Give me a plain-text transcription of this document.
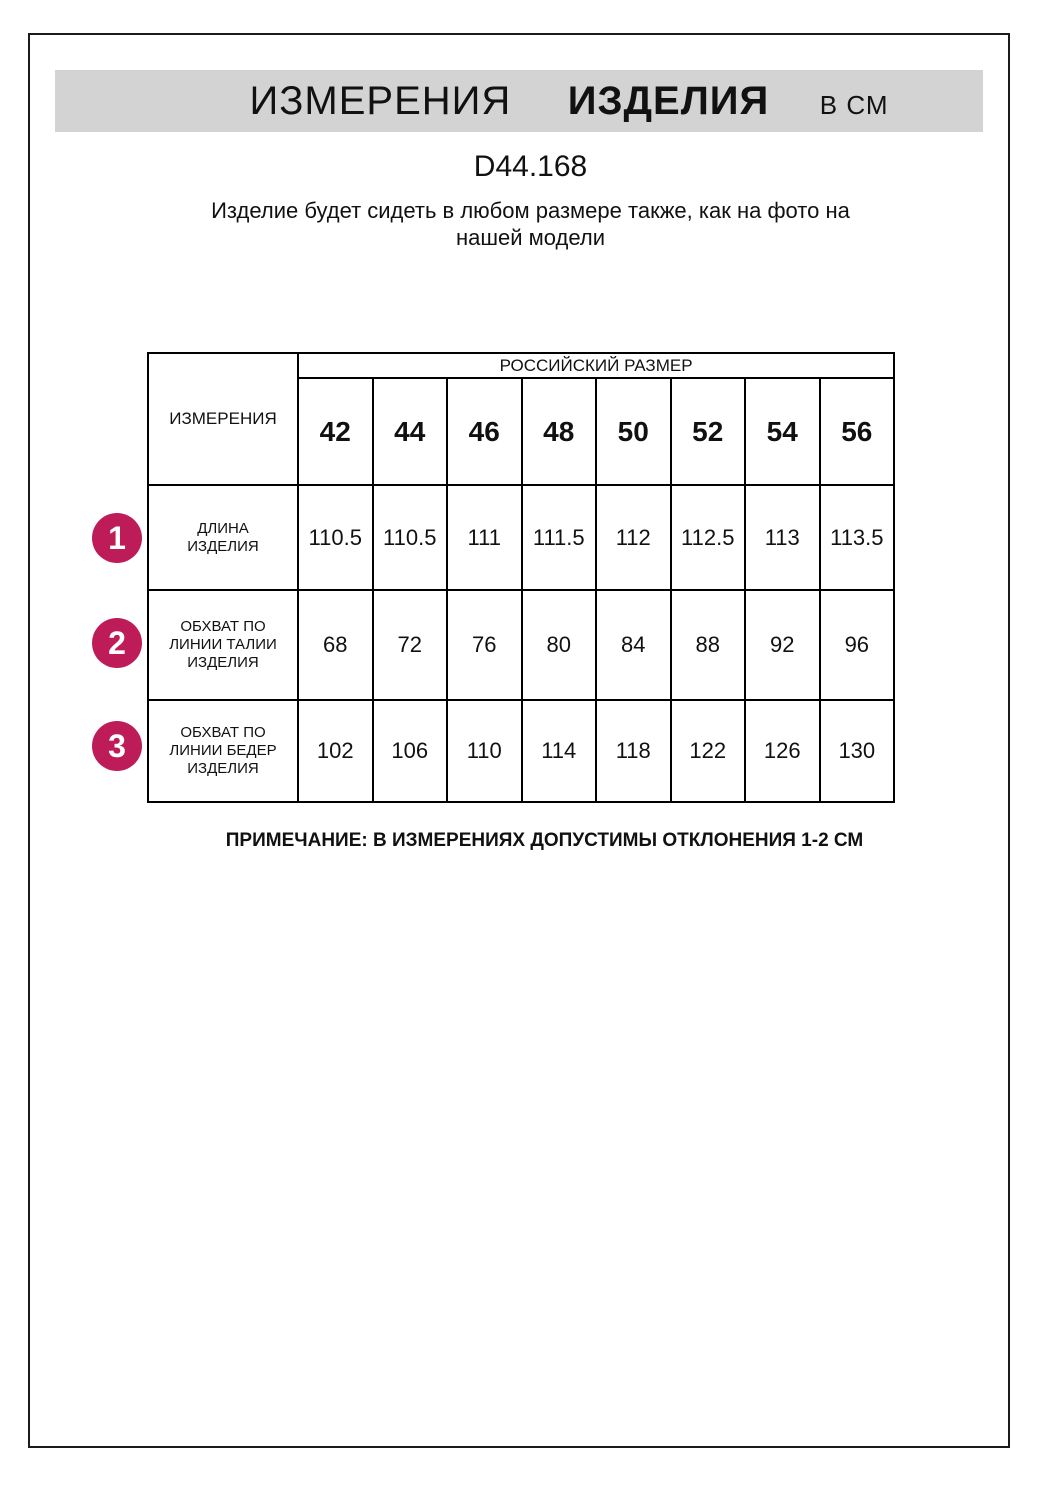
ИЗМЕРЕНИЯ ИЗДЕЛИЯ В СМ
D44.168
Изделие будет сидеть в любом размере также, как на фото на нашей модели
ИЗМЕРЕНИЯ	РОССИЙСКИЙ РАЗМЕР							
	42	44	46	48	50	52	54	56
ДЛИНА ИЗДЕЛИЯ	110.5	110.5	111	111.5	112	112.5	113	113.5
ОБХВАТ ПО ЛИНИИ ТАЛИИ ИЗДЕЛИЯ	68	72	76	80	84	88	92	96
ОБХВАТ ПО ЛИНИИ БЕДЕР ИЗДЕЛИЯ	102	106	110	114	118	122	126	130
1
2
3
ПРИМЕЧАНИЕ: В ИЗМЕРЕНИЯХ ДОПУСТИМЫ ОТКЛОНЕНИЯ 1-2 СМ
